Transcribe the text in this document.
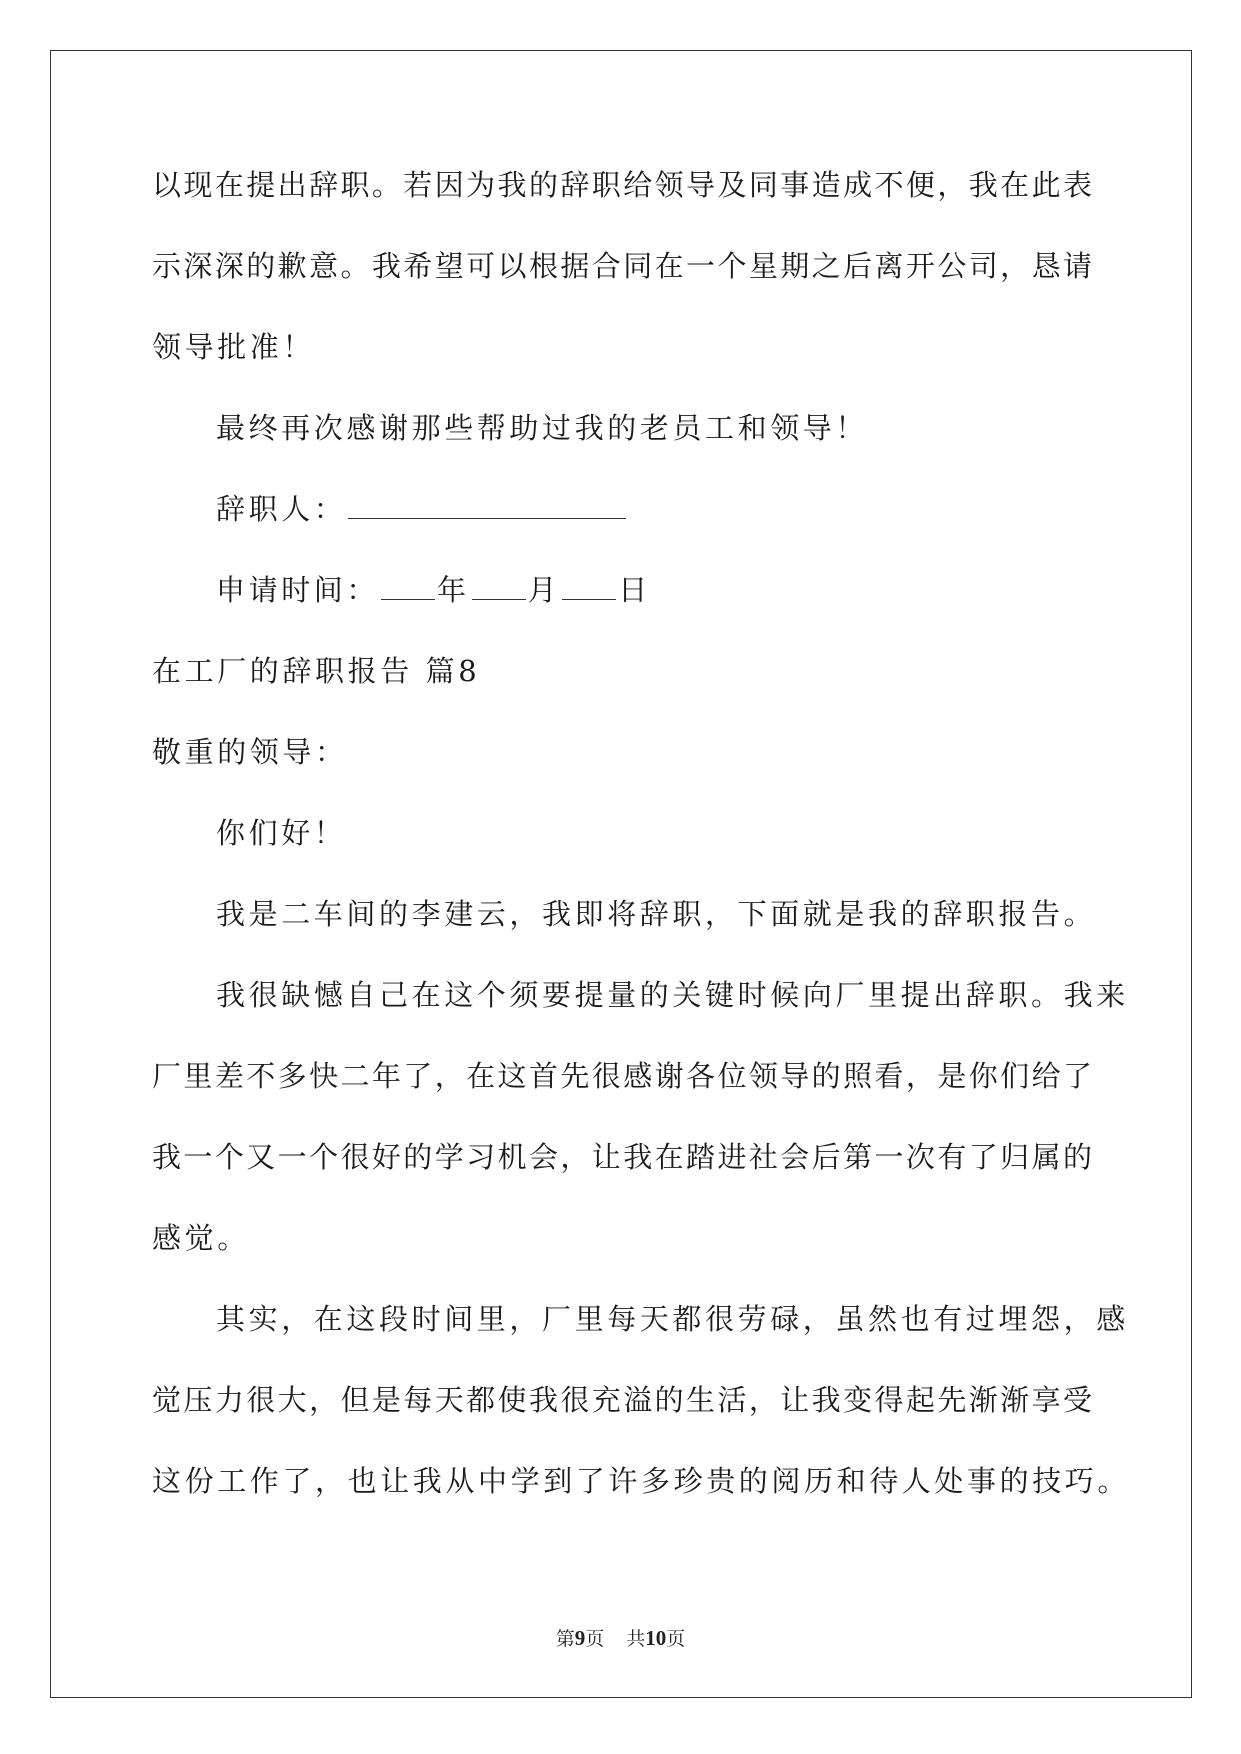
以现在提出辞职。若因为我的辞职给领导及同事造成不便，我在此表
示深深的歉意。我希望可以根据合同在一个星期之后离开公司，恳请
领导批准！
最终再次感谢那些帮助过我的老员工和领导！
辞职人：
申请时间： 年 月 日
在工厂的辞职报告 篇8
敬重的领导：
你们好！
我是二车间的李建云，我即将辞职，下面就是我的辞职报告。
我很缺憾自己在这个须要提量的关键时候向厂里提出辞职。我来
厂里差不多快二年了，在这首先很感谢各位领导的照看，是你们给了
我一个又一个很好的学习机会，让我在踏进社会后第一次有了归属的
感觉。
其实，在这段时间里，厂里每天都很劳碌，虽然也有过埋怨，感
觉压力很大，但是每天都使我很充溢的生活，让我变得起先渐渐享受
这份工作了，也让我从中学到了许多珍贵的阅历和待人处事的技巧。
第9页 共10页
